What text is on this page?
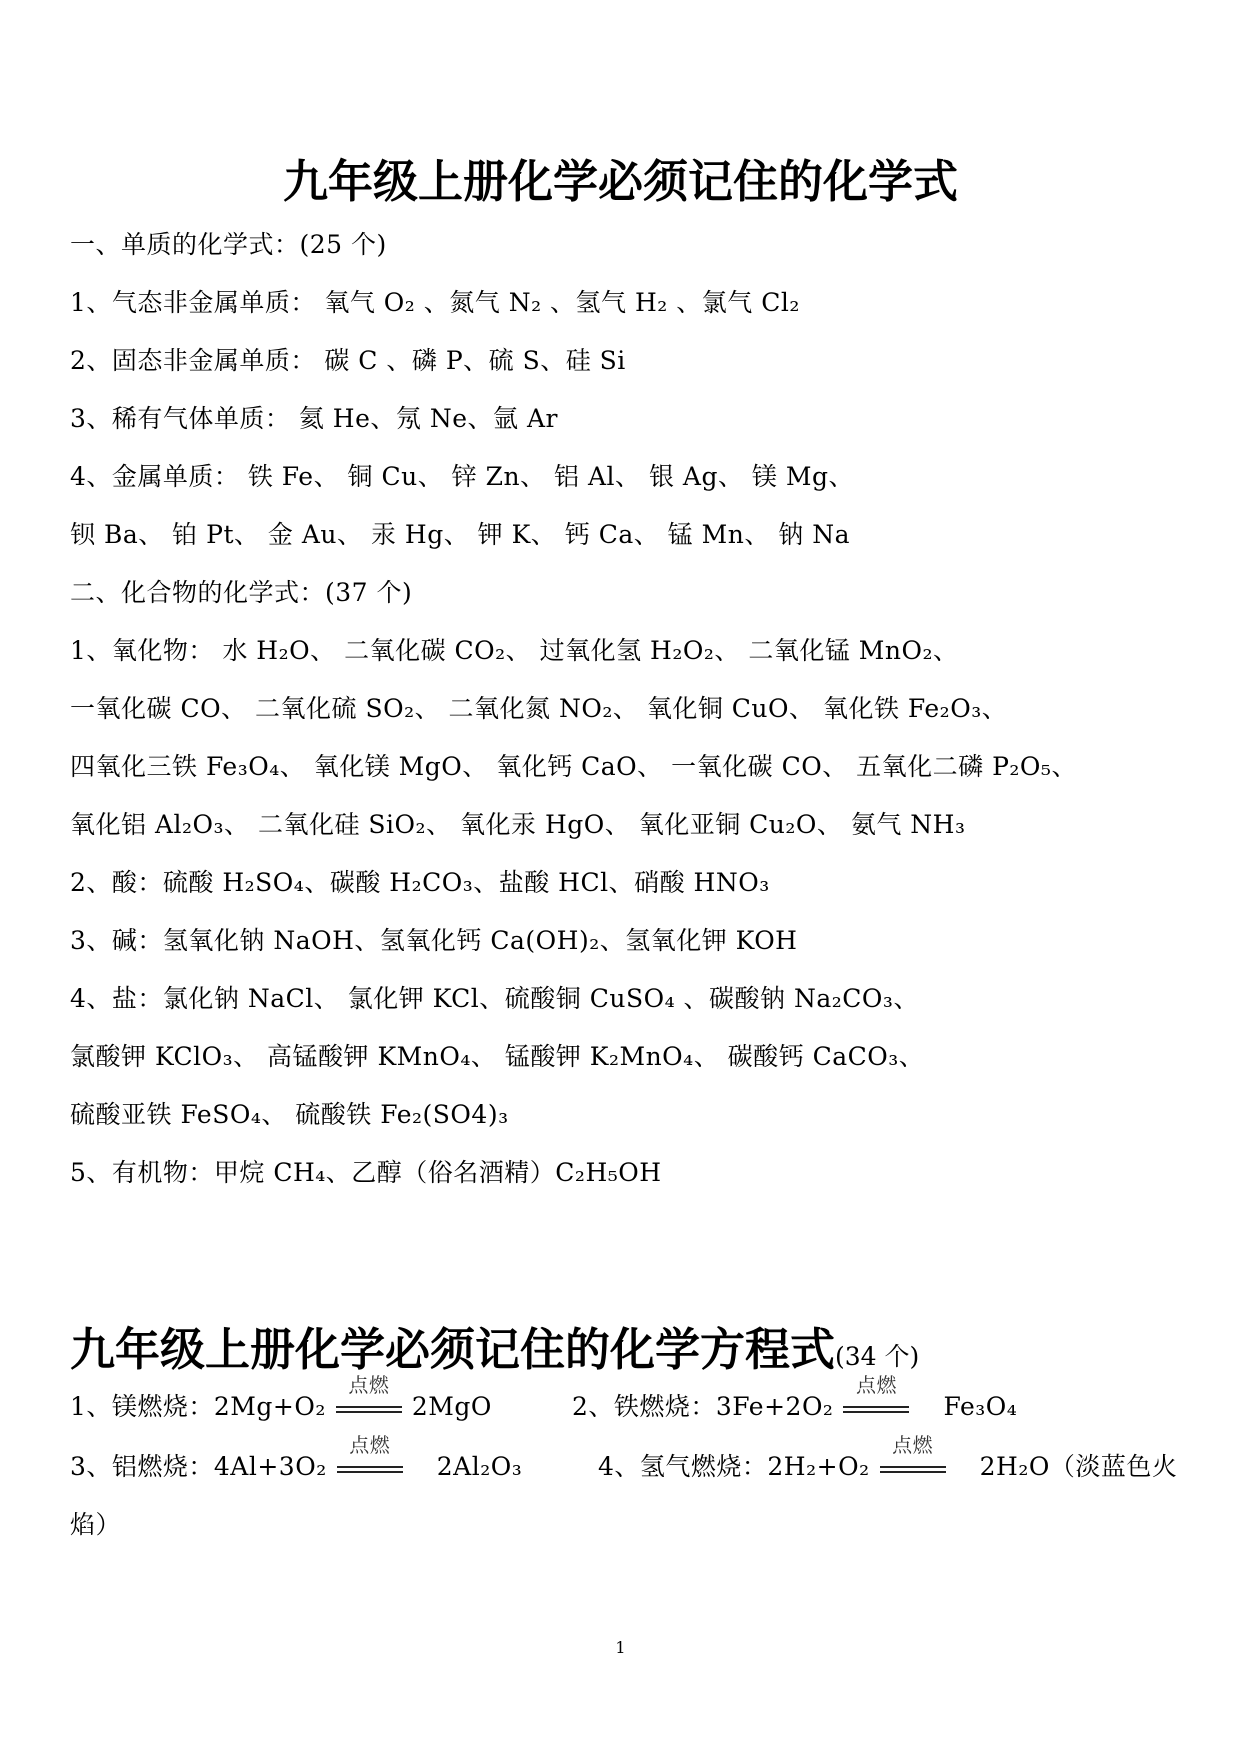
九年级上册化学必须记住的化学式
一、单质的化学式：(25 个)
1、气态非金属单质： 氧气 O₂ 、氮气 N₂ 、氢气 H₂ 、氯气 Cl₂
2、固态非金属单质： 碳 C 、磷 P、硫 S、硅 Si
3、稀有气体单质： 氦 He、氖 Ne、氩 Ar
4、金属单质： 铁 Fe、 铜 Cu、 锌 Zn、 铝 Al、 银 Ag、 镁 Mg、
钡 Ba、 铂 Pt、 金 Au、 汞 Hg、 钾 K、 钙 Ca、 锰 Mn、 钠 Na
二、化合物的化学式：(37 个)
1、氧化物： 水 H₂O、 二氧化碳 CO₂、 过氧化氢 H₂O₂、 二氧化锰 MnO₂、
一氧化碳 CO、 二氧化硫 SO₂、 二氧化氮 NO₂、 氧化铜 CuO、 氧化铁 Fe₂O₃、
四氧化三铁 Fe₃O₄、 氧化镁 MgO、 氧化钙 CaO、 一氧化碳 CO、 五氧化二磷 P₂O₅、
氧化铝 Al₂O₃、 二氧化硅 SiO₂、 氧化汞 HgO、 氧化亚铜 Cu₂O、 氨气 NH₃
2、酸：硫酸 H₂SO₄、碳酸 H₂CO₃、盐酸 HCl、硝酸 HNO₃
3、碱：氢氧化钠 NaOH、氢氧化钙 Ca(OH)₂、氢氧化钾 KOH
4、盐：氯化钠 NaCl、 氯化钾 KCl、硫酸铜 CuSO₄ 、碳酸钠 Na₂CO₃、
氯酸钾 KClO₃、 高锰酸钾 KMnO₄、 锰酸钾 K₂MnO₄、 碳酸钙 CaCO₃、
硫酸亚铁 FeSO₄、 硫酸铁 Fe₂(SO4)₃
5、有机物：甲烷 CH₄、乙醇（俗名酒精）C₂H₅OH
九年级上册化学必须记住的化学方程式(34 个)
1、镁燃烧：2Mg+O₂
点燃
2MgO	2、铁燃烧：3Fe+2O₂
点燃
Fe₃O₄
3、铝燃烧：4Al+3O₂
点燃
2Al₂O₃	4、氢气燃烧：2H₂+O₂
点燃
2H₂O（淡蓝色火
焰）
1
